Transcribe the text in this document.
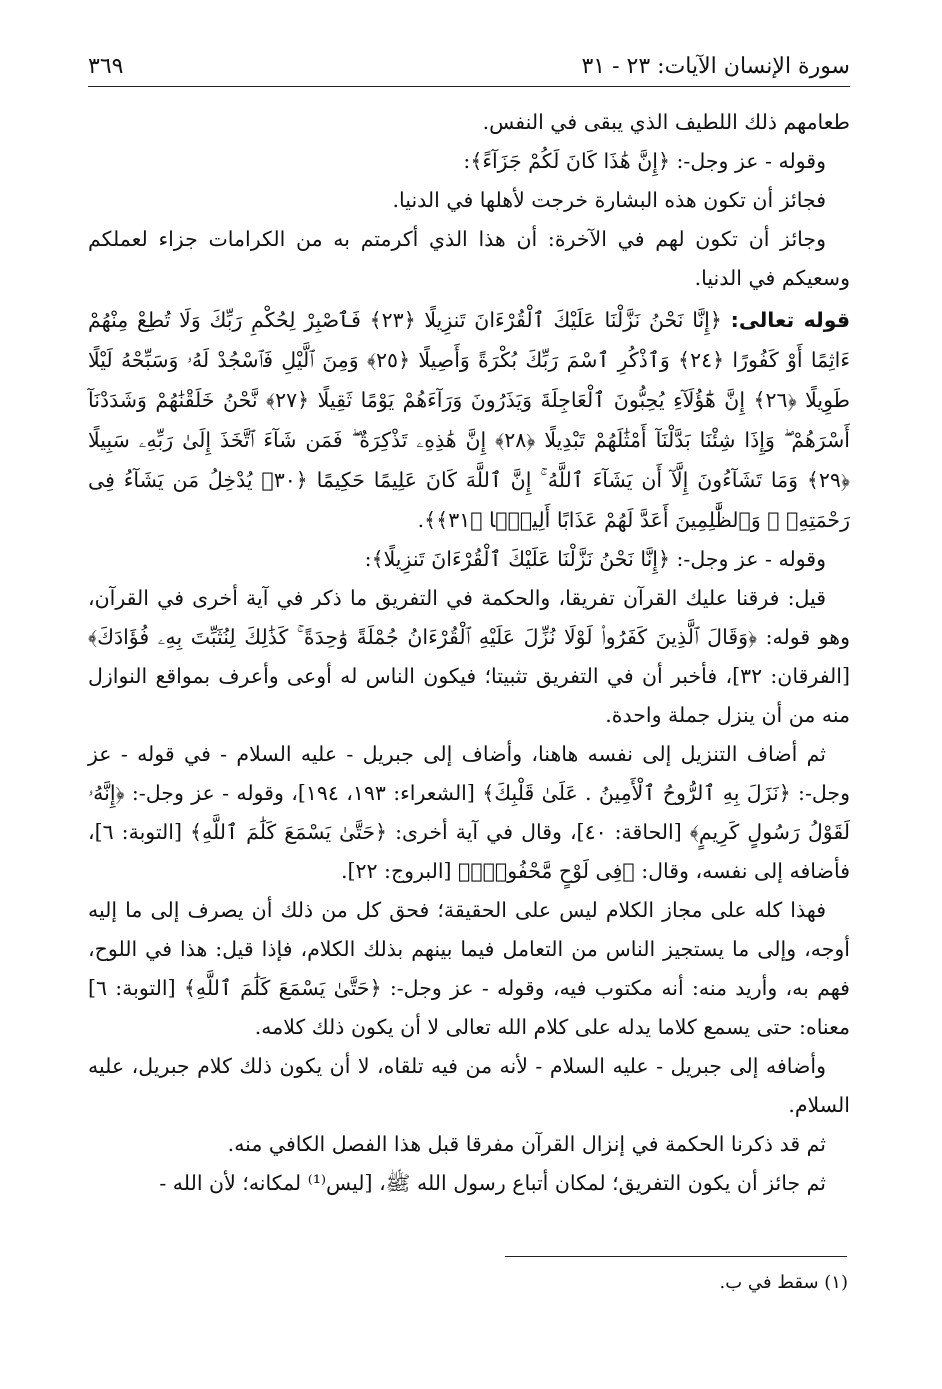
سورة الإنسان الآيات: ٢٣ - ٣١
٣٦٩

طعامهم ذلك اللطيف الذي يبقى في النفس.

وقوله - عز وجل-: ﴿إِنَّ هَٰذَا كَانَ لَكُمْ جَزَآءً﴾:

فجائز أن تكون هذه البشارة خرجت لأهلها في الدنيا.

وجائز أن تكون لهم في الآخرة: أن هذا الذي أكرمتم به من الكرامات جزاء لعملكم وسعيكم في الدنيا.

قوله تعالى: ﴿إِنَّا نَحْنُ نَزَّلْنَا عَلَيْكَ ٱلْقُرْءَانَ تَنزِيلًا ﴿٢٣﴾ فَٱصْبِرْ لِحُكْمِ رَبِّكَ وَلَا تُطِعْ مِنْهُمْ ءَاثِمًا أَوْ كَفُورًا ﴿٢٤﴾ وَٱذْكُرِ ٱسْمَ رَبِّكَ بُكْرَةً وَأَصِيلًا ﴿٢٥﴾ وَمِنَ ٱلَّيْلِ فَٱسْجُدْ لَهُۥ وَسَبِّحْهُ لَيْلًا طَوِيلًا ﴿٢٦﴾ إِنَّ هَٰٓؤُلَآءِ يُحِبُّونَ ٱلْعَاجِلَةَ وَيَذَرُونَ وَرَآءَهُمْ يَوْمًا ثَقِيلًا ﴿٢٧﴾ نَّحْنُ خَلَقْنَٰهُمْ وَشَدَدْنَآ أَسْرَهُمْ ۖ وَإِذَا شِئْنَا بَدَّلْنَآ أَمْثَٰلَهُمْ تَبْدِيلًا ﴿٢٨﴾ إِنَّ هَٰذِهِۦ تَذْكِرَةٌ ۖ فَمَن شَآءَ ٱتَّخَذَ إِلَىٰ رَبِّهِۦ سَبِيلًا ﴿٢٩﴾ وَمَا تَشَآءُونَ إِلَّآ أَن يَشَآءَ ٱللَّهُ ۚ إِنَّ ٱللَّهَ كَانَ عَلِيمًا حَكِيمًا ﴿٣٠﴾ يُدْخِلُ مَن يَشَآءُ فِى رَحْمَتِهِۦ ۚ وَٱلظَّٰلِمِينَ أَعَدَّ لَهُمْ عَذَابًا أَلِيمًۢا ﴿٣١﴾﴾.

وقوله - عز وجل-: ﴿إِنَّا نَحْنُ نَزَّلْنَا عَلَيْكَ ٱلْقُرْءَانَ تَنزِيلًا﴾:

قيل: فرقنا عليك القرآن تفريقا، والحكمة في التفريق ما ذكر في آية أخرى في القرآن، وهو قوله: ﴿وَقَالَ ٱلَّذِينَ كَفَرُوا۟ لَوْلَا نُزِّلَ عَلَيْهِ ٱلْقُرْءَانُ جُمْلَةً وَٰحِدَةً ۚ كَذَٰلِكَ لِنُثَبِّتَ بِهِۦ فُؤَادَكَ﴾ [الفرقان: ٣٢]، فأخبر أن في التفريق تثبيتا؛ فيكون الناس له أوعى وأعرف بمواقع النوازل منه من أن ينزل جملة واحدة.

ثم أضاف التنزيل إلى نفسه هاهنا، وأضاف إلى جبريل - عليه السلام - في قوله - عز وجل-: ﴿نَزَلَ بِهِ ٱلرُّوحُ ٱلْأَمِينُ . عَلَىٰ قَلْبِكَ﴾ [الشعراء: ١٩٣، ١٩٤]، وقوله - عز وجل-: ﴿إِنَّهُۥ لَقَوْلُ رَسُولٍ كَرِيمٍ﴾ [الحاقة: ٤٠]، وقال في آية أخرى: ﴿حَتَّىٰ يَسْمَعَ كَلَٰمَ ٱللَّهِ﴾ [التوبة: ٦]، فأضافه إلى نفسه، وقال: ﴿فِى لَوْحٍ مَّحْفُوظٍۭ﴾ [البروج: ٢٢].

فهذا كله على مجاز الكلام ليس على الحقيقة؛ فحق كل من ذلك أن يصرف إلى ما إليه أوجه، وإلى ما يستجيز الناس من التعامل فيما بينهم بذلك الكلام، فإذا قيل: هذا في اللوح، فهم به، وأريد منه: أنه مكتوب فيه، وقوله - عز وجل-: ﴿حَتَّىٰ يَسْمَعَ كَلَٰمَ ٱللَّهِ﴾ [التوبة: ٦] معناه: حتى يسمع كلاما يدله على كلام الله تعالى لا أن يكون ذلك كلامه.

وأضافه إلى جبريل - عليه السلام - لأنه من فيه تلقاه، لا أن يكون ذلك كلام جبريل، عليه السلام.

ثم قد ذكرنا الحكمة في إنزال القرآن مفرقا قبل هذا الفصل الكافي منه.

ثم جائز أن يكون التفريق؛ لمكان أتباع رسول الله ﷺ، [ليس⁽¹⁾ لمكانه؛ لأن الله -

(١) سقط في ب.
